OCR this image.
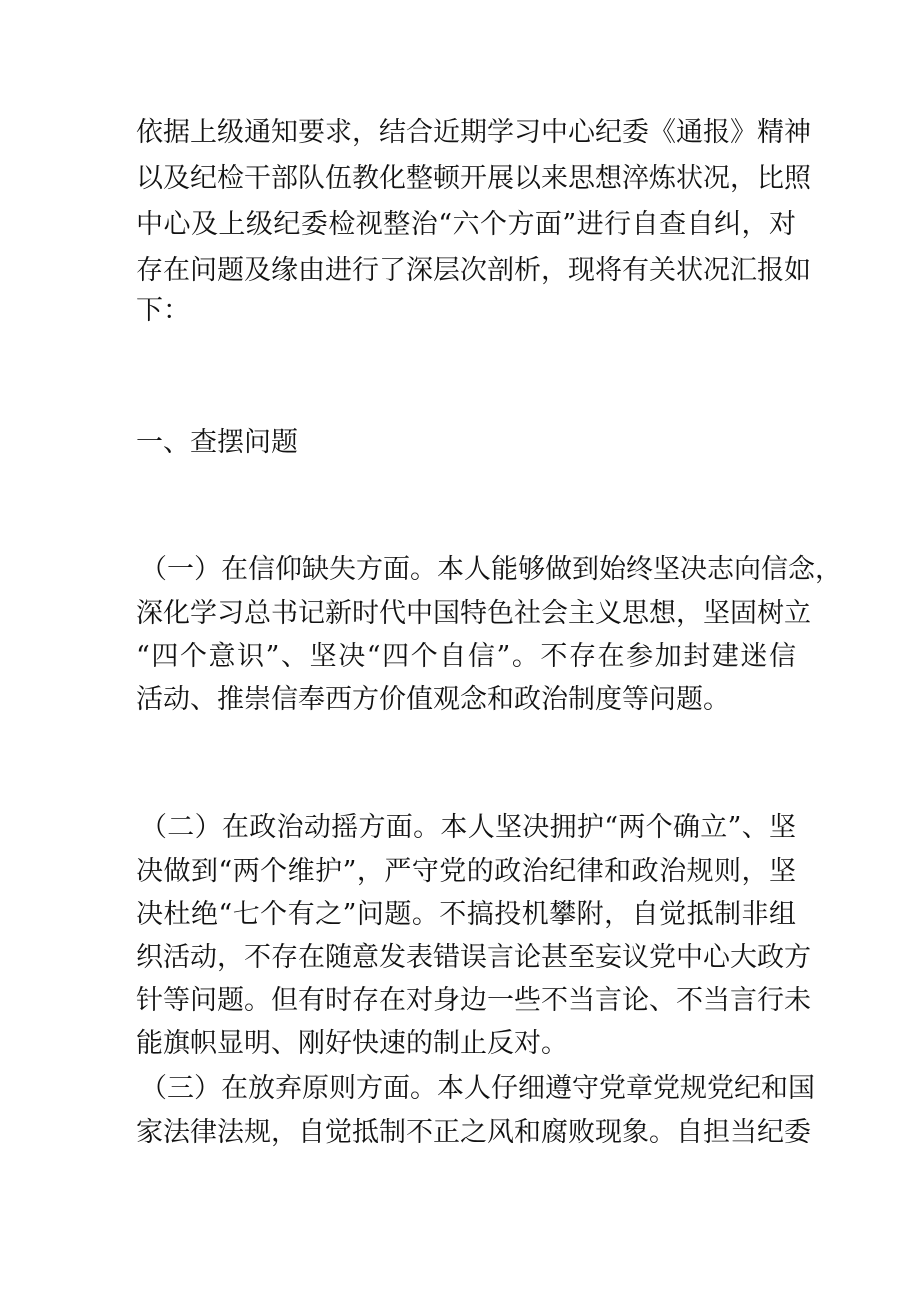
依据上级通知要求，结合近期学习中心纪委《通报》精神
以及纪检干部队伍教化整顿开展以来思想淬炼状况，比照
中心及上级纪委检视整治“六个方面”进行自查自纠，对
存在问题及缘由进行了深层次剖析，现将有关状况汇报如
下：
一、查摆问题
（一）在信仰缺失方面。本人能够做到始终坚决志向信念，
深化学习总书记新时代中国特色社会主义思想，坚固树立
“四个意识”、坚决“四个自信”。不存在参加封建迷信
活动、推崇信奉西方价值观念和政治制度等问题。
（二）在政治动摇方面。本人坚决拥护“两个确立”、坚
决做到“两个维护”，严守党的政治纪律和政治规则，坚
决杜绝“七个有之”问题。不搞投机攀附，自觉抵制非组
织活动，不存在随意发表错误言论甚至妄议党中心大政方
针等问题。但有时存在对身边一些不当言论、不当言行未
能旗帜显明、刚好快速的制止反对。
（三）在放弃原则方面。本人仔细遵守党章党规党纪和国
家法律法规，自觉抵制不正之风和腐败现象。自担当纪委
